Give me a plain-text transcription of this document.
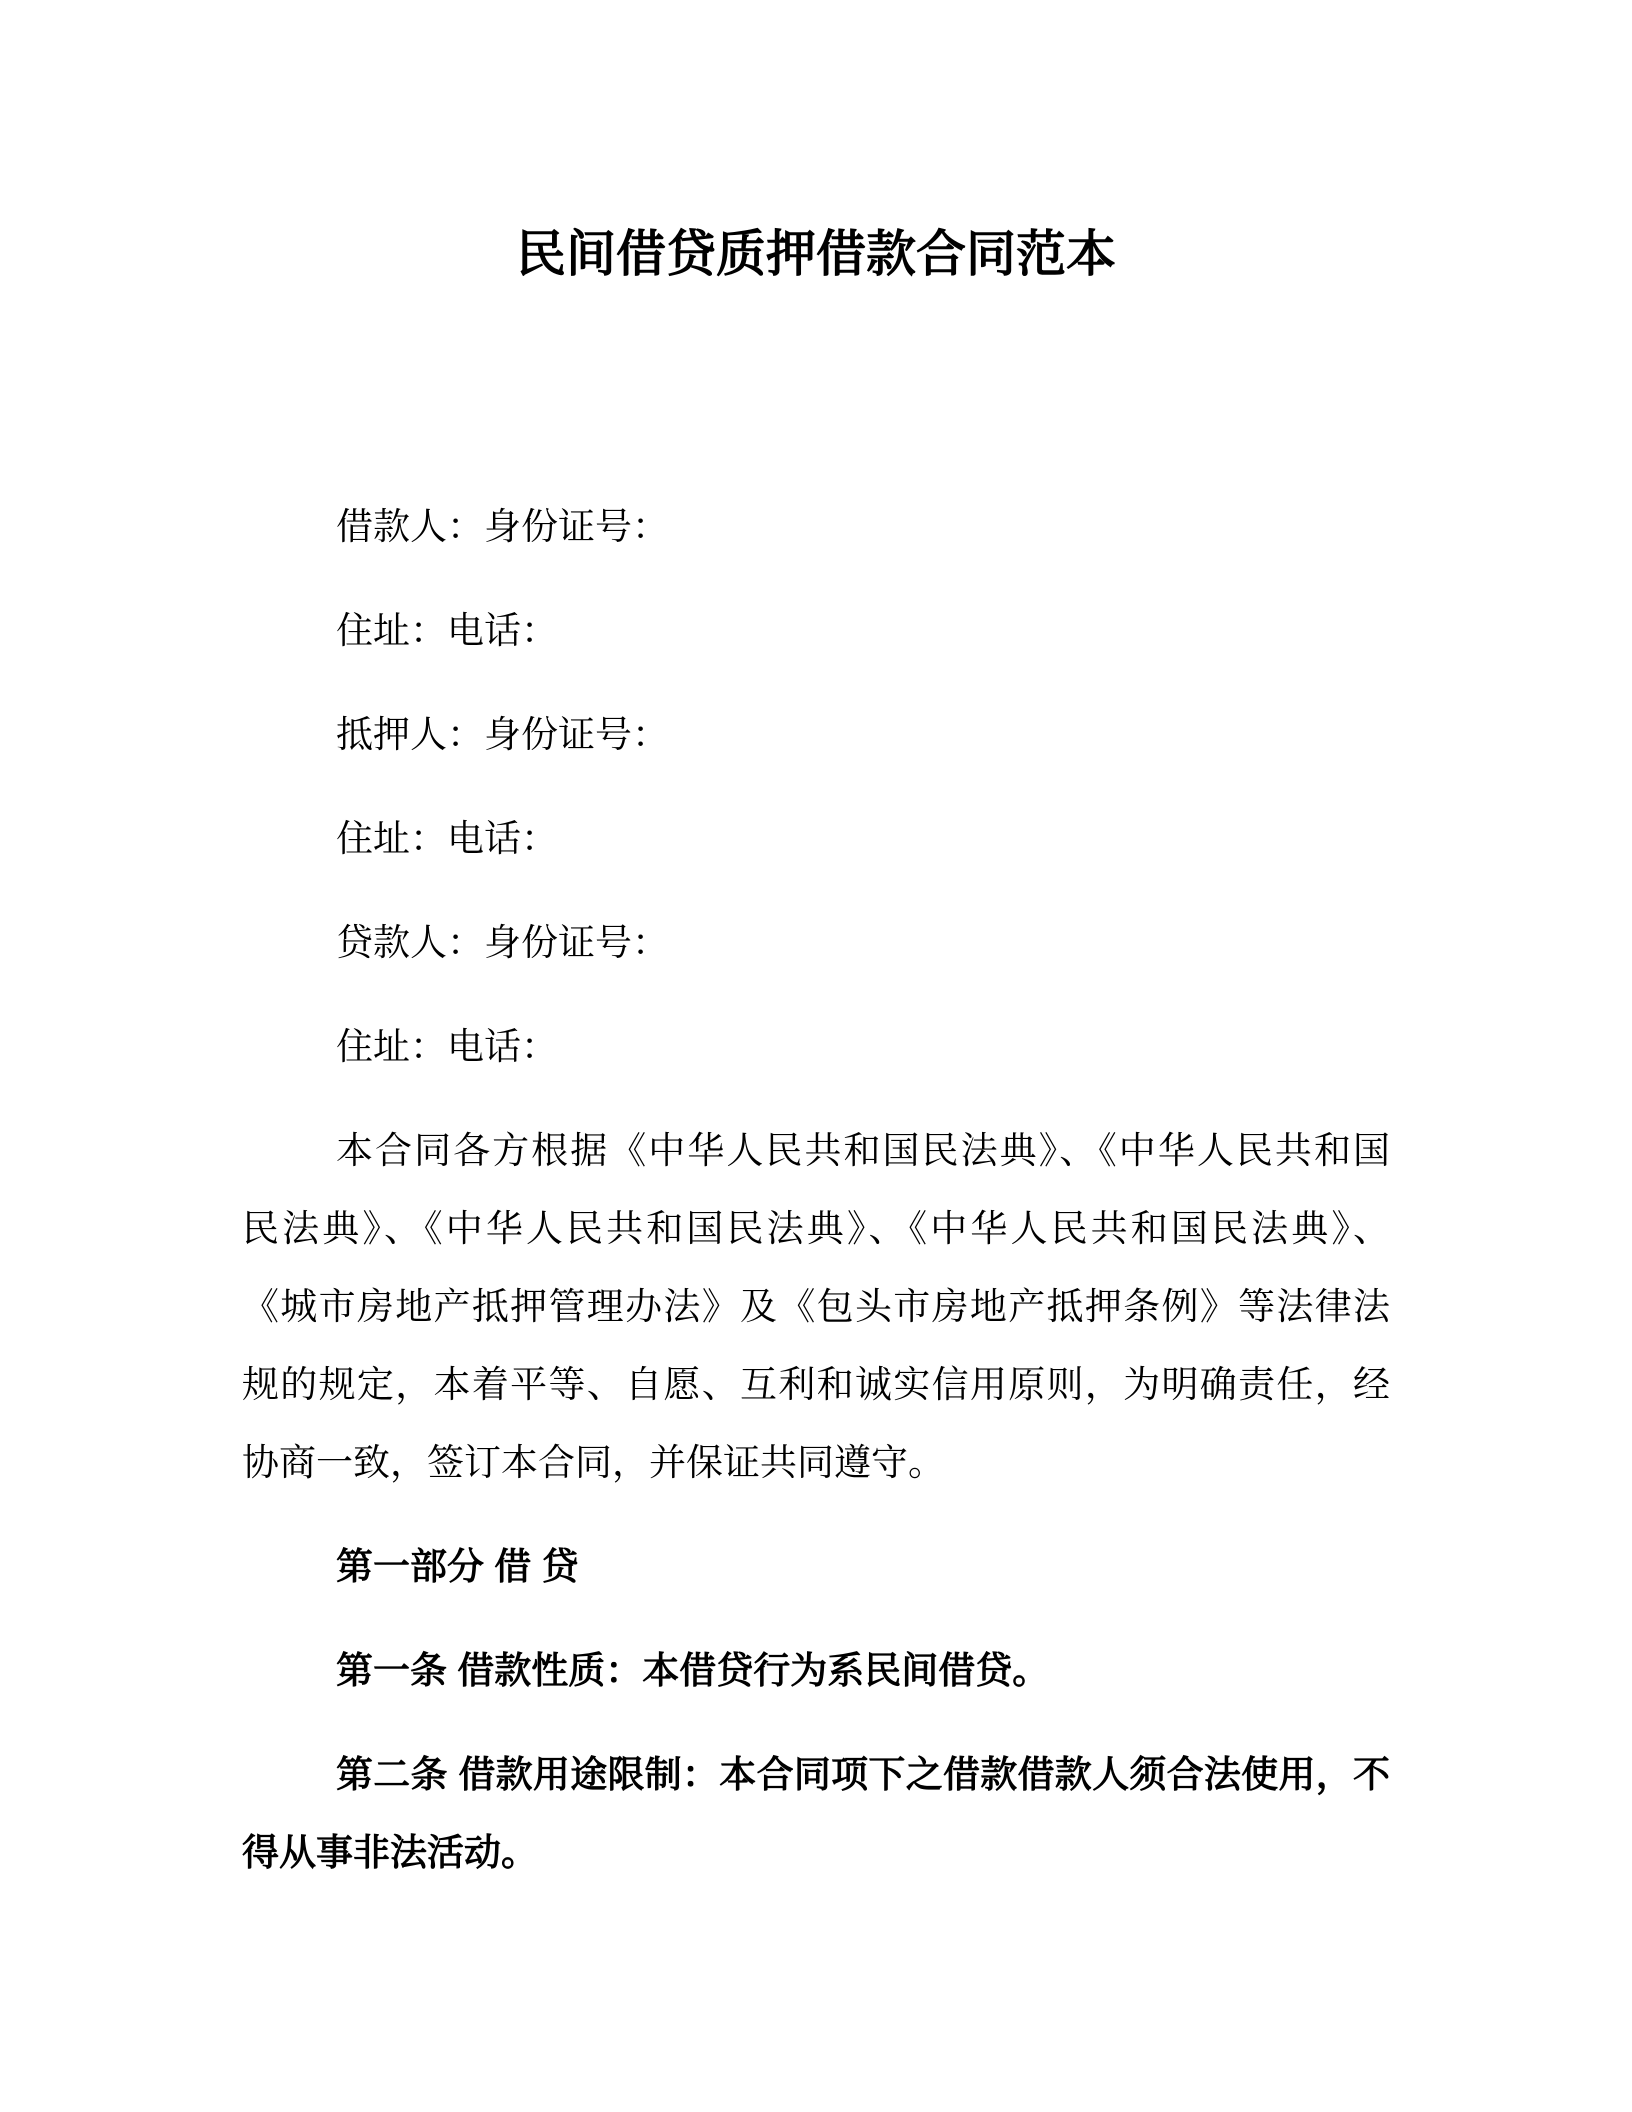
民间借贷质押借款合同范本

借款人：身份证号：

住址：电话：

抵押人：身份证号：

住址：电话：

贷款人：身份证号：

住址：电话：

本合同各方根据《中华人民共和国民法典》、《中华人民共和国
民法典》、《中华人民共和国民法典》、《中华人民共和国民法典》、
《城市房地产抵押管理办法》及《包头市房地产抵押条例》等法律法
规的规定，本着平等、自愿、互利和诚实信用原则，为明确责任，经
协商一致，签订本合同，并保证共同遵守。

第一部分 借 贷

第一条 借款性质：本借贷行为系民间借贷。

第二条 借款用途限制：本合同项下之借款借款人须合法使用，不
得从事非法活动。
